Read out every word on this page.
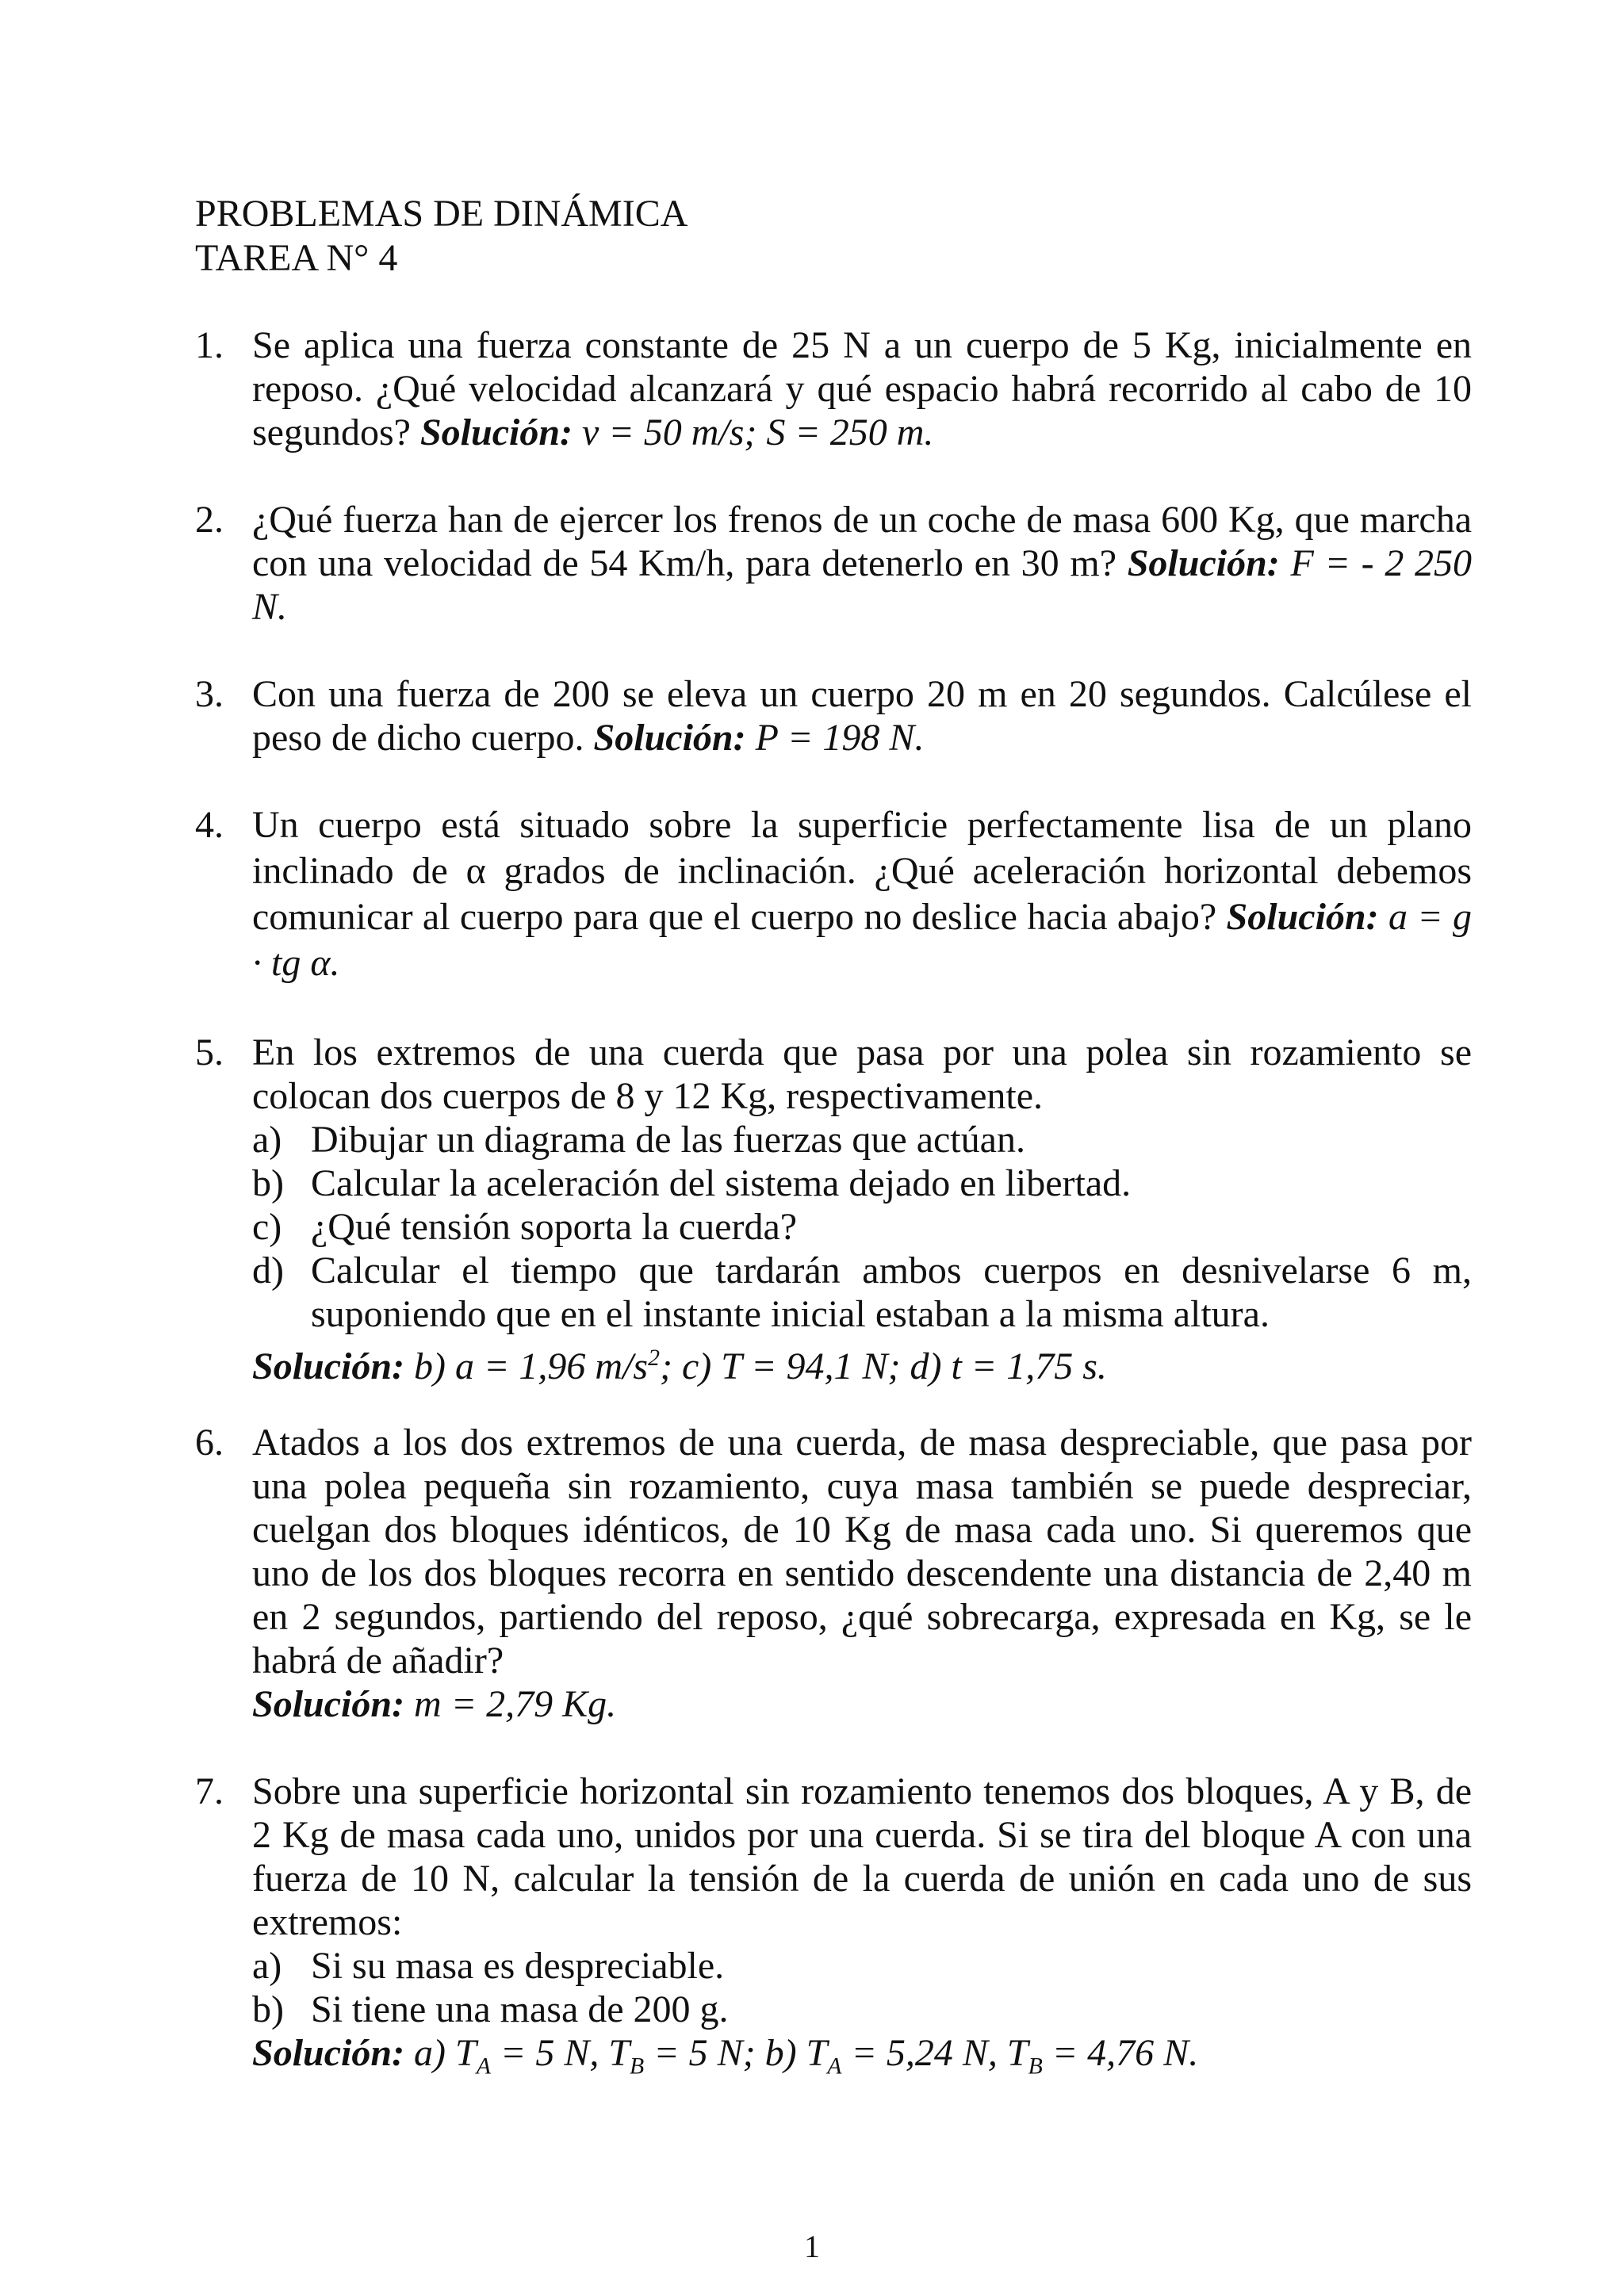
PROBLEMAS DE DINÁMICA
TAREA N° 4
1. Se aplica una fuerza constante de 25 N a un cuerpo de 5 Kg, inicialmente en reposo. ¿Qué velocidad alcanzará y qué espacio habrá recorrido al cabo de 10 segundos? Solución: v = 50 m/s; S = 250 m.
2. ¿Qué fuerza han de ejercer los frenos de un coche de masa 600 Kg, que marcha con una velocidad de 54 Km/h, para detenerlo en 30 m? Solución: F = - 2 250 N.
3. Con una fuerza de 200 se eleva un cuerpo 20 m en 20 segundos. Calcúlese el peso de dicho cuerpo. Solución: P = 198 N.
4. Un cuerpo está situado sobre la superficie perfectamente lisa de un plano inclinado de α grados de inclinación. ¿Qué aceleración horizontal debemos comunicar al cuerpo para que el cuerpo no deslice hacia abajo? Solución: a = g · tg α.
5. En los extremos de una cuerda que pasa por una polea sin rozamiento se colocan dos cuerpos de 8 y 12 Kg, respectivamente.
a) Dibujar un diagrama de las fuerzas que actúan.
b) Calcular la aceleración del sistema dejado en libertad.
c) ¿Qué tensión soporta la cuerda?
d) Calcular el tiempo que tardarán ambos cuerpos en desnivelarse 6 m, suponiendo que en el instante inicial estaban a la misma altura.
Solución: b) a = 1,96 $m/s^2$; c) T = 94,1 N; d) t = 1,75 s.
6. Atados a los dos extremos de una cuerda, de masa despreciable, que pasa por una polea pequeña sin rozamiento, cuya masa también se puede despreciar, cuelgan dos bloques idénticos, de 10 Kg de masa cada uno. Si queremos que uno de los dos bloques recorra en sentido descendente una distancia de 2,40 m en 2 segundos, partiendo del reposo, ¿qué sobrecarga, expresada en Kg, se le habrá de añadir?
Solución: m = 2,79 Kg.
7. Sobre una superficie horizontal sin rozamiento tenemos dos bloques, A y B, de 2 Kg de masa cada uno, unidos por una cuerda. Si se tira del bloque A con una fuerza de 10 N, calcular la tensión de la cuerda de unión en cada uno de sus extremos:
a) Si su masa es despreciable.
b) Si tiene una masa de 200 g.
Solución: a) $T_A = 5$ N, $T_B = 5$ N; b) $T_A = 5,24$ N, $T_B = 4,76$ N.
1
